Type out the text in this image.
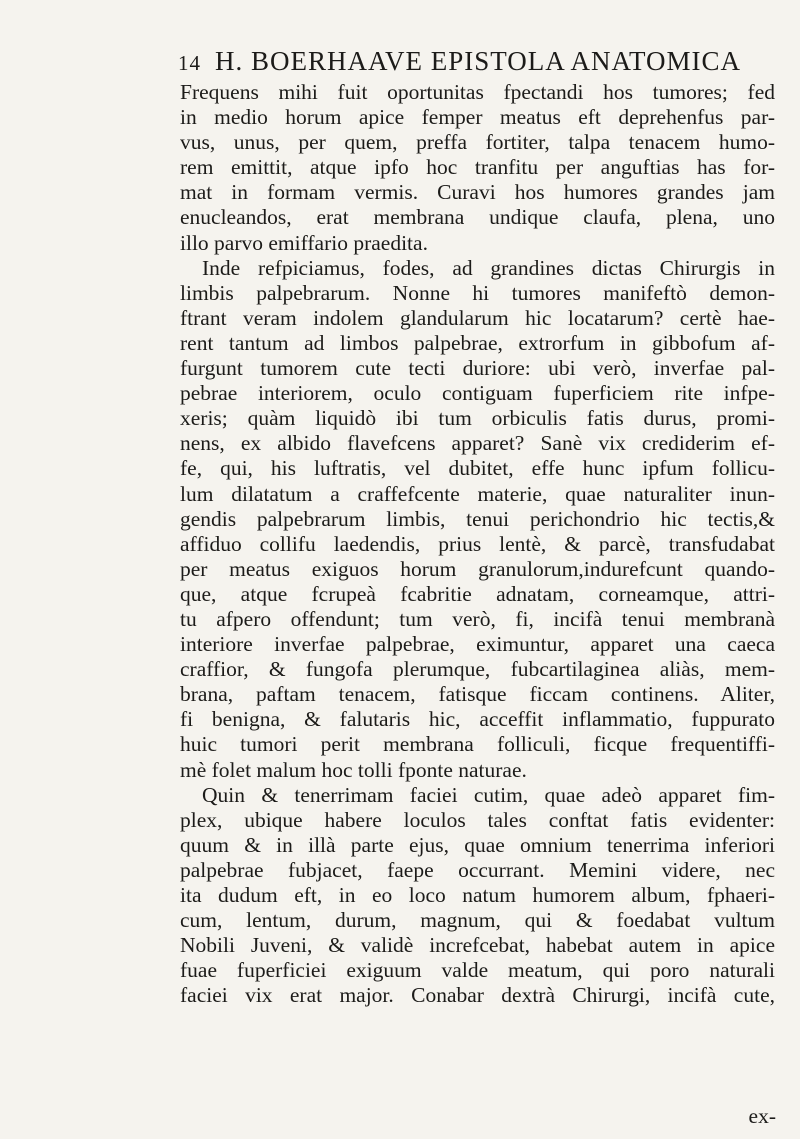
14 H. BOERHAAVE EPISTOLA ANATOMICA
Frequens mihi fuit oportunitas fpectandi hos tumores; fed
in medio horum apice femper meatus eft deprehenfus par-
vus, unus, per quem, preffa fortiter, talpa tenacem humo-
rem emittit, atque ipfo hoc tranfitu per anguftias has for-
mat in formam vermis. Curavi hos humores grandes jam
enucleandos, erat membrana undique claufa, plena, uno
illo parvo emiffario praedita.
Inde refpiciamus, fodes, ad grandines dictas Chirurgis in
limbis palpebrarum. Nonne hi tumores manifeftò demon-
ftrant veram indolem glandularum hic locatarum? certè hae-
rent tantum ad limbos palpebrae, extrorfum in gibbofum af-
furgunt tumorem cute tecti duriore: ubi verò, inverfae pal-
pebrae interiorem, oculo contiguam fuperficiem rite infpe-
xeris; quàm liquidò ibi tum orbiculis fatis durus, promi-
nens, ex albido flavefcens apparet? Sanè vix crediderim ef-
fe, qui, his luftratis, vel dubitet, effe hunc ipfum follicu-
lum dilatatum a craffefcente materie, quae naturaliter inun-
gendis palpebrarum limbis, tenui perichondrio hic tectis,&
affiduo collifu laedendis, prius lentè, & parcè, transfudabat
per meatus exiguos horum granulorum,indurefcunt quando-
que, atque fcrupeà fcabritie adnatam, corneamque, attri-
tu afpero offendunt; tum verò, fi, incifà tenui membranà
interiore inverfae palpebrae, eximuntur, apparet una caeca
craffior, & fungofa plerumque, fubcartilaginea aliàs, mem-
brana, paftam tenacem, fatisque ficcam continens. Aliter,
fi benigna, & falutaris hic, acceffit inflammatio, fuppurato
huic tumori perit membrana folliculi, ficque frequentiffi-
mè folet malum hoc tolli fponte naturae.
Quin & tenerrimam faciei cutim, quae adeò apparet fim-
plex, ubique habere loculos tales conftat fatis evidenter:
quum & in illà parte ejus, quae omnium tenerrima inferiori
palpebrae fubjacet, faepe occurrant. Memini videre, nec
ita dudum eft, in eo loco natum humorem album, fphaeri-
cum, lentum, durum, magnum, qui & foedabat vultum
Nobili Juveni, & validè increfcebat, habebat autem in apice
fuae fuperficiei exiguum valde meatum, qui poro naturali
faciei vix erat major. Conabar dextrà Chirurgi, incifà cute,
ex-
